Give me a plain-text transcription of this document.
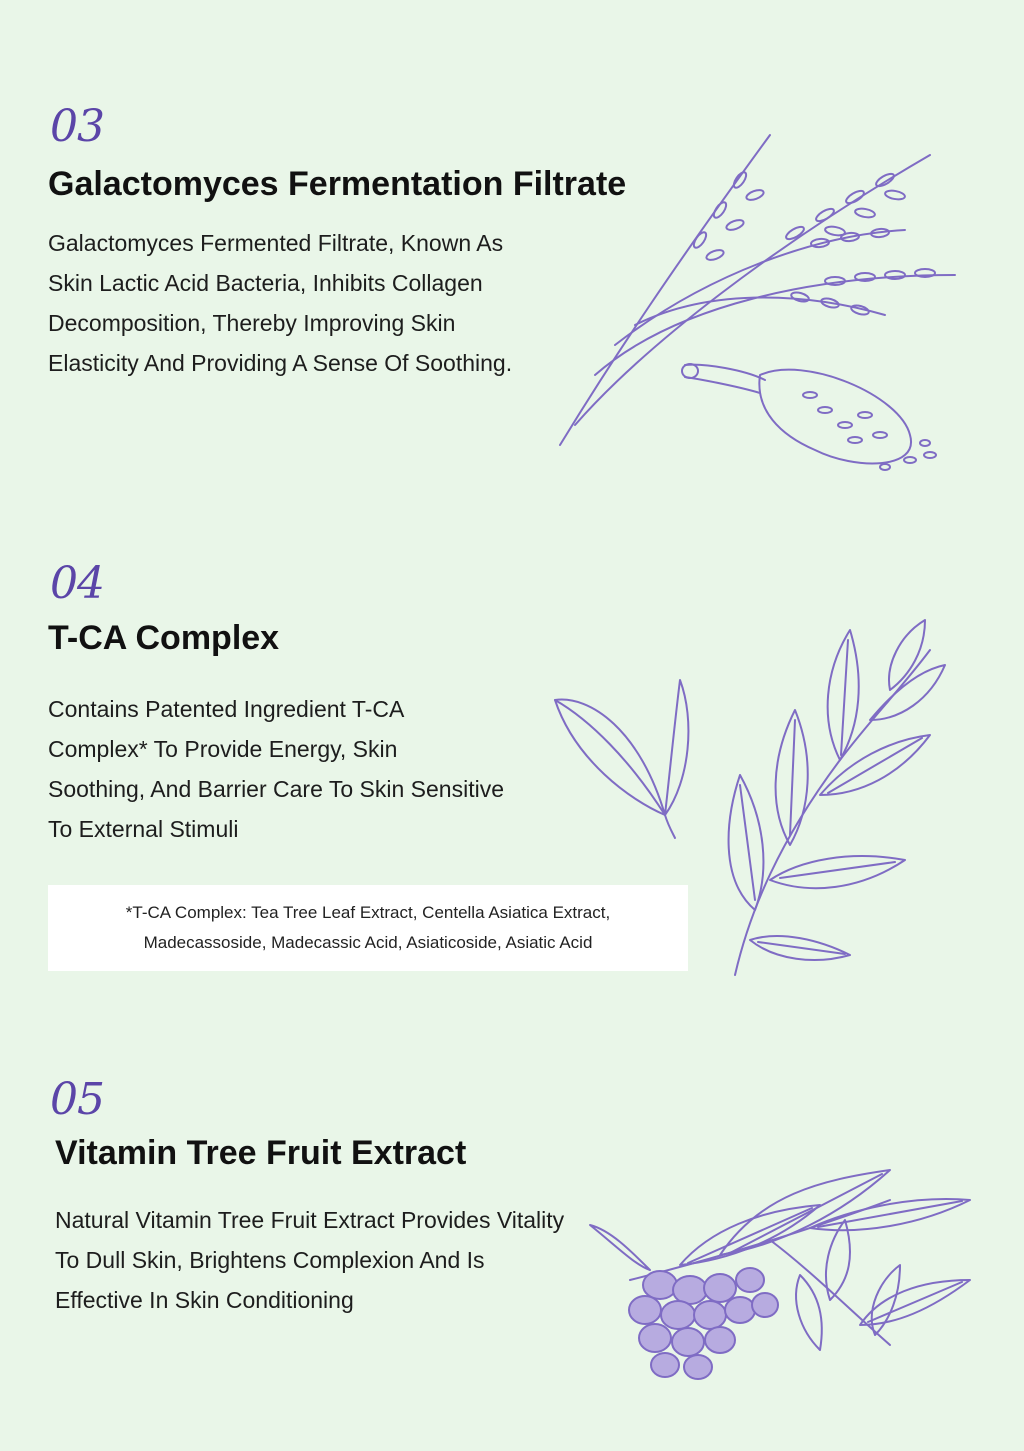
03
Galactomyces Fermentation Filtrate
Galactomyces Fermented Filtrate, Known As
Skin Lactic Acid Bacteria, Inhibits Collagen
Decomposition, Thereby Improving Skin
Elasticity And Providing A Sense Of Soothing.
04
T-CA Complex
Contains Patented Ingredient T-CA
Complex* To Provide Energy, Skin
Soothing, And Barrier Care To Skin Sensitive
To External Stimuli
*T-CA Complex: Tea Tree Leaf Extract, Centella Asiatica Extract,
Madecassoside, Madecassic Acid, Asiaticoside, Asiatic Acid
05
Vitamin Tree Fruit Extract
Natural Vitamin Tree Fruit Extract Provides Vitality
To Dull Skin, Brightens Complexion And Is
Effective In Skin Conditioning
